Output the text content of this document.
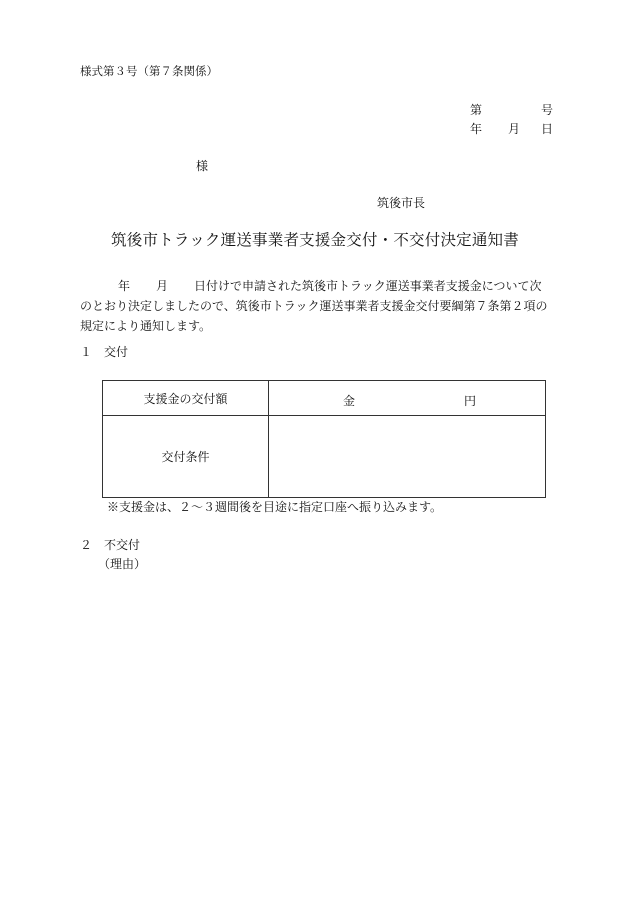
様式第３号（第７条関係）
第	号
年 月 日
様
筑後市長
筑後市トラック運送事業者支援金交付・不交付決定通知書
年 月 日付けで申請された筑後市トラック運送事業者支援金について次
のとおり決定しましたので、筑後市トラック運送事業者支援金交付要綱第７条第２項の
規定により通知します。
１ 交付
支援金の交付額	金 円

交付条件	
※支援金は、２～３週間後を目途に指定口座へ振り込みます。
２ 不交付
（理由）
